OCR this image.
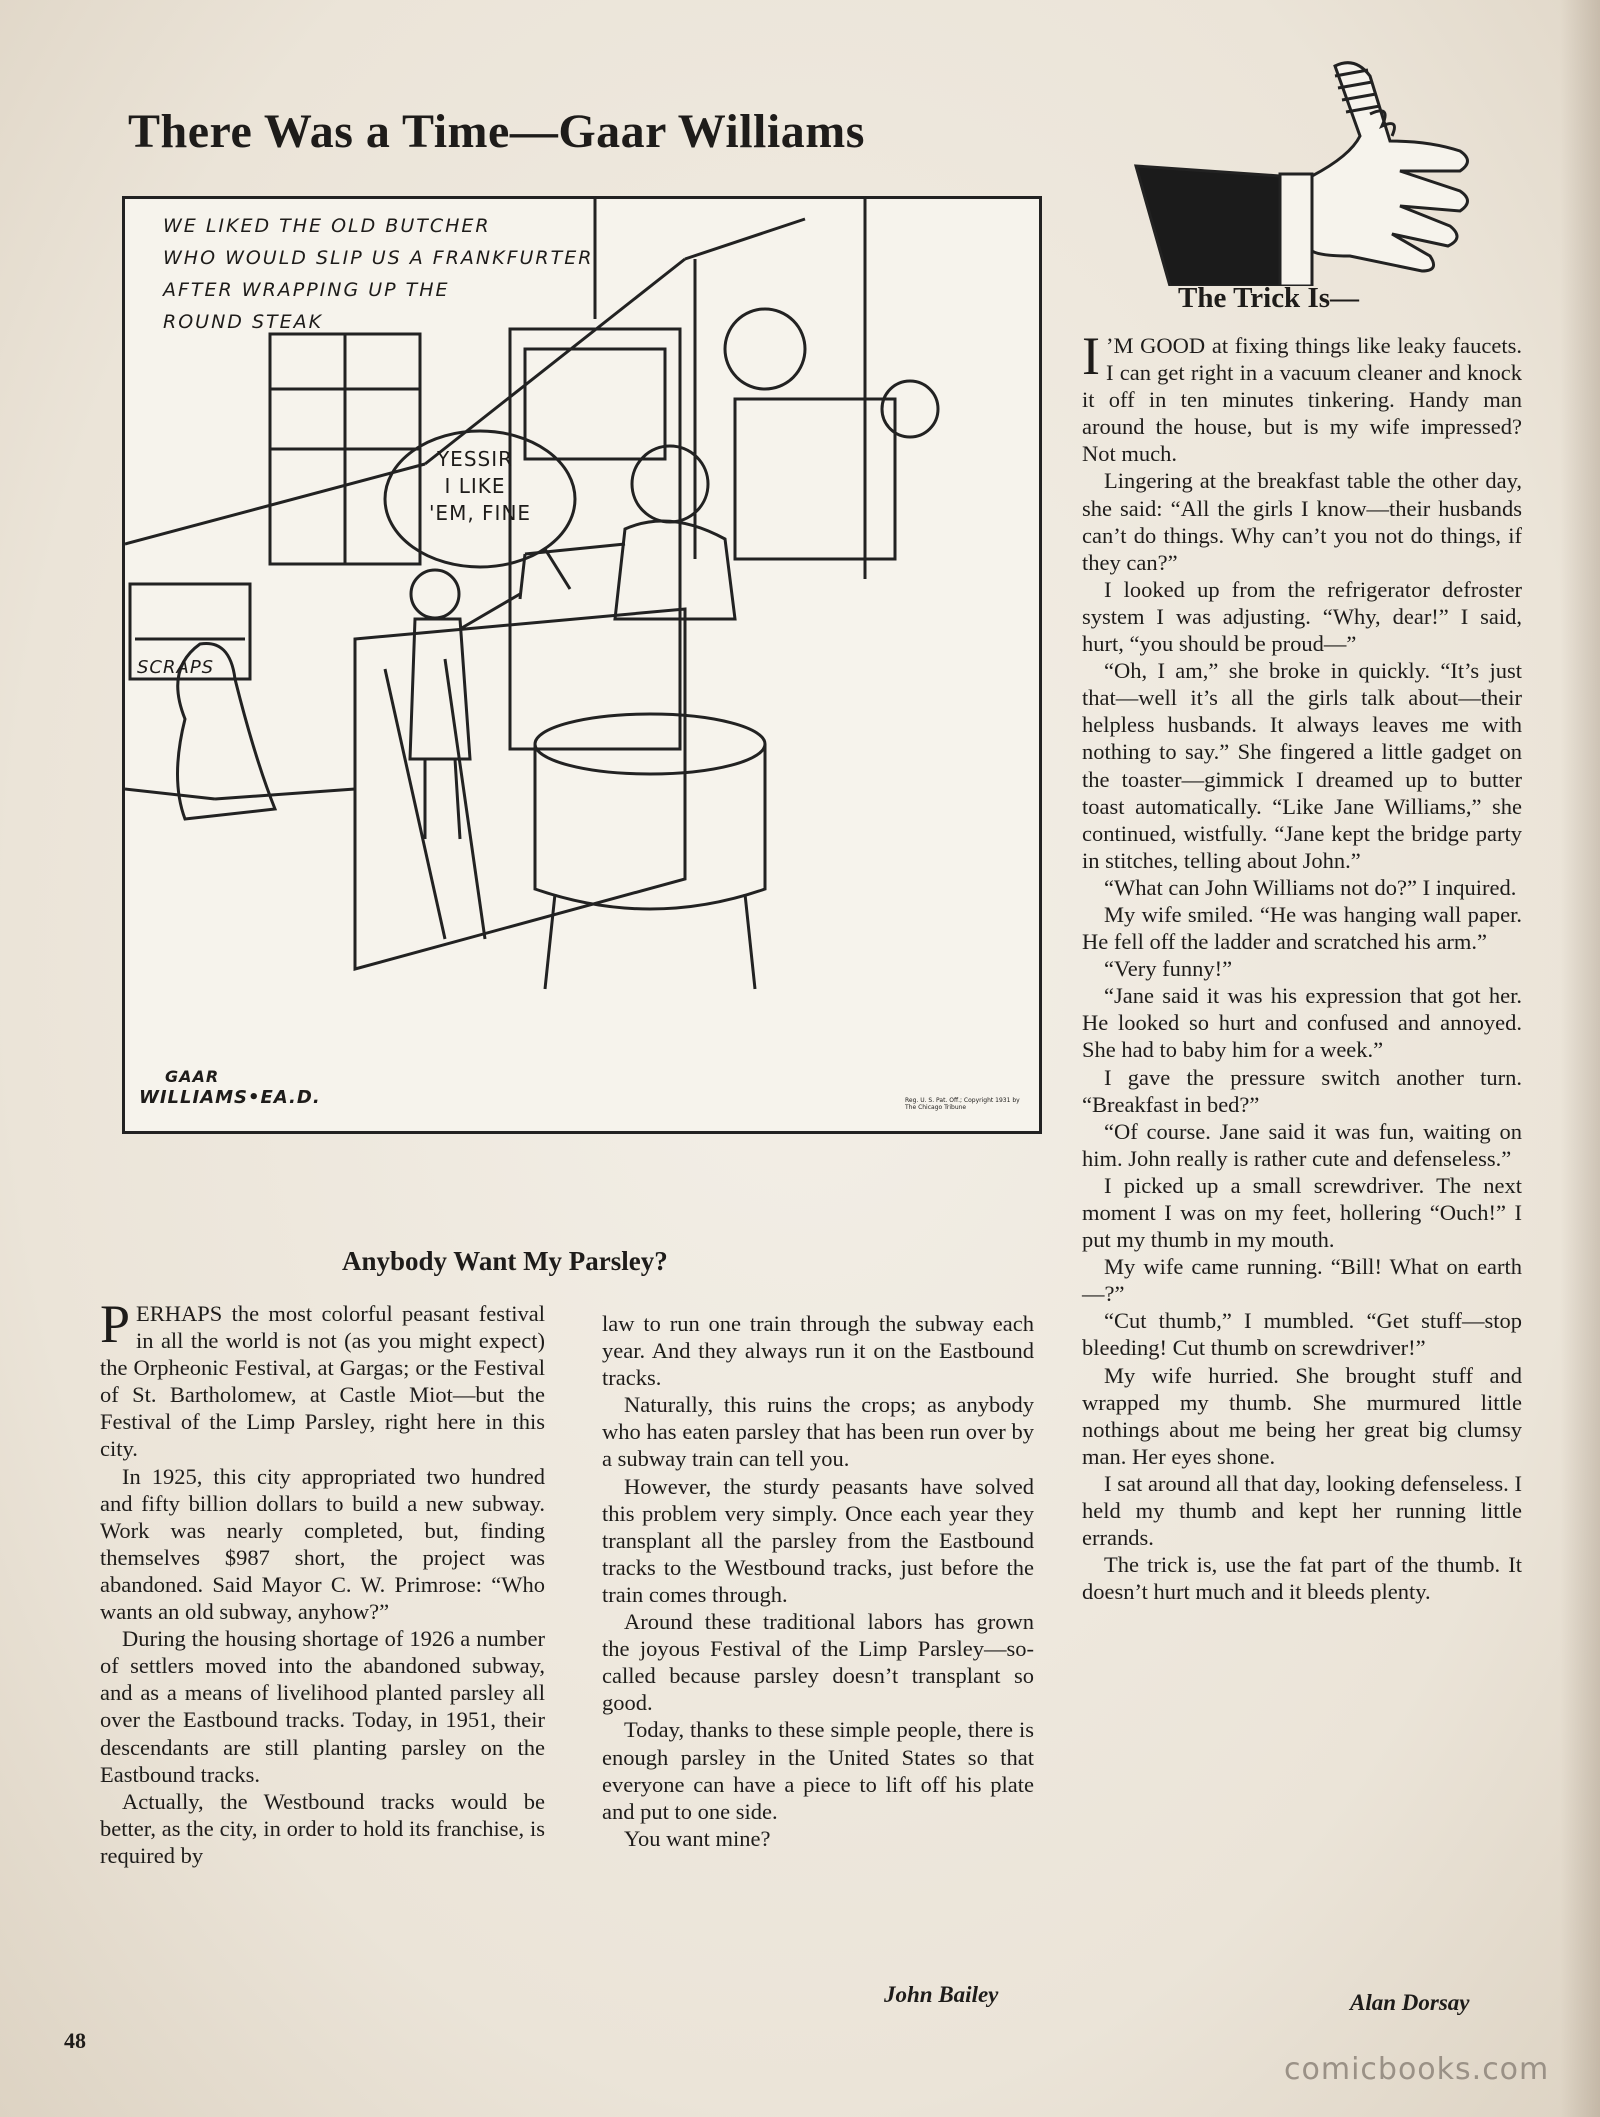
There Was a Time—Gaar Williams
WE LIKED THE OLD BUTCHER
WHO WOULD SLIP US A FRANKFURTER
AFTER WRAPPING UP THE
ROUND STEAK
YESSIR
I LIKE
'EM, FINE
SCRAPS
GAAR
WILLIAMS•EA.D.	Reg. U. S. Pat. Off.; Copyright 1931 by The Chicago Tribune
The Trick Is—

I ’M GOOD at fixing things like leaky faucets. I can get right in a vacuum cleaner and knock it off in ten minutes tinkering. Handy man around the house, but is my wife impressed? Not much.

Lingering at the breakfast table the other day, she said: “All the girls I know—their husbands can’t do things. Why can’t you not do things, if they can?”

I looked up from the refrigerator defroster system I was adjusting. “Why, dear!” I said, hurt, “you should be proud—”

“Oh, I am,” she broke in quickly. “It’s just that—well it’s all the girls talk about—their helpless husbands. It always leaves me with nothing to say.” She fingered a little gadget on the toaster—gimmick I dreamed up to butter toast automatically. “Like Jane Williams,” she continued, wistfully. “Jane kept the bridge party in stitches, telling about John.”

“What can John Williams not do?” I inquired.

My wife smiled. “He was hanging wall paper. He fell off the ladder and scratched his arm.”

“Very funny!”

“Jane said it was his expression that got her. He looked so hurt and confused and annoyed. She had to baby him for a week.”

I gave the pressure switch another turn. “Breakfast in bed?”

“Of course. Jane said it was fun, waiting on him. John really is rather cute and defenseless.”

I picked up a small screwdriver. The next moment I was on my feet, hollering “Ouch!” I put my thumb in my mouth.

My wife came running. “Bill! What on earth—?”

“Cut thumb,” I mumbled. “Get stuff—stop bleeding! Cut thumb on screwdriver!”

My wife hurried. She brought stuff and wrapped my thumb. She murmured little nothings about me being her great big clumsy man. Her eyes shone.

I sat around all that day, looking defenseless. I held my thumb and kept her running little errands.

The trick is, use the fat part of the thumb. It doesn’t hurt much and it bleeds plenty.

Alan Dorsay
Anybody Want My Parsley?

PERHAPS the most colorful peasant festival in all the world is not (as you might expect) the Orpheonic Festival, at Gargas; or the Festival of St. Bartholomew, at Castle Miot—but the Festival of the Limp Parsley, right here in this city.

In 1925, this city appropriated two hundred and fifty billion dollars to build a new subway. Work was nearly completed, but, finding themselves $987 short, the project was abandoned. Said Mayor C. W. Primrose: “Who wants an old subway, anyhow?”

During the housing shortage of 1926 a number of settlers moved into the abandoned subway, and as a means of livelihood planted parsley all over the Eastbound tracks. Today, in 1951, their descendants are still planting parsley on the Eastbound tracks.

Actually, the Westbound tracks would be better, as the city, in order to hold its franchise, is required by

law to run one train through the subway each year. And they always run it on the Eastbound tracks.

Naturally, this ruins the crops; as anybody who has eaten parsley that has been run over by a subway train can tell you.

However, the sturdy peasants have solved this problem very simply. Once each year they transplant all the parsley from the Eastbound tracks to the Westbound tracks, just before the train comes through.

Around these traditional labors has grown the joyous Festival of the Limp Parsley—so-called because parsley doesn’t transplant so good.

Today, thanks to these simple people, there is enough parsley in the United States so that everyone can have a piece to lift off his plate and put to one side.

You want mine?

John Bailey
48
comicbooks.com
